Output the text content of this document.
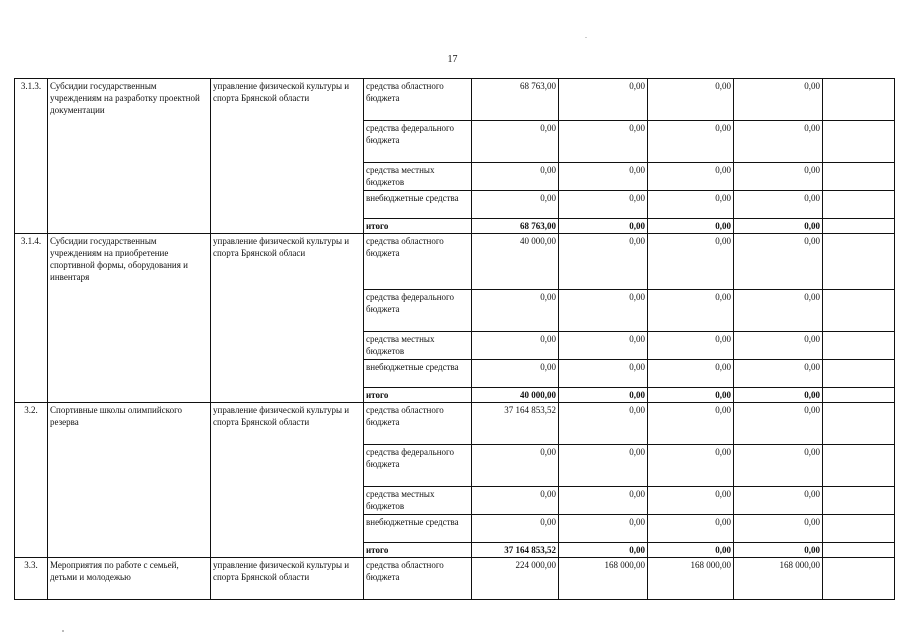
17
3.1.3.	Субсидии государственным учреждениям на разработку проектной документации	управление физической культуры и спорта Брянской области	средства областного бюджета	68 763,00	0,00	0,00	0,00	
			средства федерального бюджета	0,00	0,00	0,00	0,00	
			средства местных бюджетов	0,00	0,00	0,00	0,00	
			внебюджетные средства	0,00	0,00	0,00	0,00	
			итого	68 763,00	0,00	0,00	0,00	
3.1.4.	Субсидии государственным учреждениям на приобретение спортивной формы, оборудования и инвентаря	управление физической культуры и спорта Брянской обласи	средства областного бюджета	40 000,00	0,00	0,00	0,00	
			средства федерального бюджета	0,00	0,00	0,00	0,00	
			средства местных бюджетов	0,00	0,00	0,00	0,00	
			внебюджетные средства	0,00	0,00	0,00	0,00	
			итого	40 000,00	0,00	0,00	0,00	
3.2.	Спортивные школы олимпийского резерва	управление физической культуры и спорта Брянской области	средства областного бюджета	37 164 853,52	0,00	0,00	0,00	
			средства федерального бюджета	0,00	0,00	0,00	0,00	
			средства местных бюджетов	0,00	0,00	0,00	0,00	
			внебюджетные средства	0,00	0,00	0,00	0,00	
			итого	37 164 853,52	0,00	0,00	0,00	
3.3.	Мероприятия по работе с семьей, детьми и молодежью	управление физической культуры и спорта Брянской области	средства областного бюджета	224 000,00	168 000,00	168 000,00	168 000,00	
